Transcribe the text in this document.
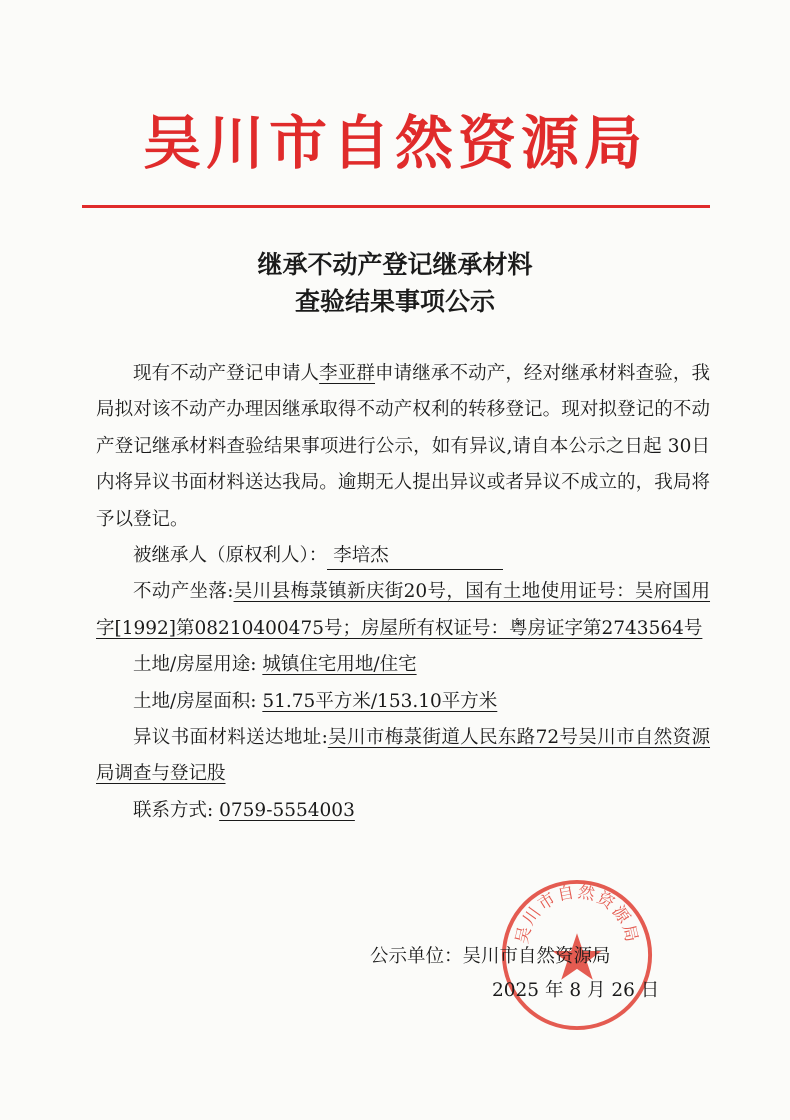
吴川市自然资源局
继承不动产登记继承材料
查验结果事项公示

现有不动产登记申请人李亚群申请继承不动产，经对继承材料查验，我局拟对该不动产办理因继承取得不动产权利的转移登记。现对拟登记的不动产登记继承材料查验结果事项进行公示，如有异议,请自本公示之日起 30日内将异议书面材料送达我局。逾期无人提出异议或者异议不成立的，我局将予以登记。

被继承人（原权利人）： 李培杰

不动产坐落:吴川县梅菉镇新庆街20号，国有土地使用证号：吴府国用字[1992]第08210400475号；房屋所有权证号：粤房证字第2743564号

土地/房屋用途: 城镇住宅用地/住宅

土地/房屋面积: 51.75平方米/153.10平方米

异议书面材料送达地址:吴川市梅菉街道人民东路72号吴川市自然资源局调查与登记股

联系方式: 0759-5554003

吴川市自然资源局
公示单位：吴川市自然资源局
2025 年 8 月 26 日
